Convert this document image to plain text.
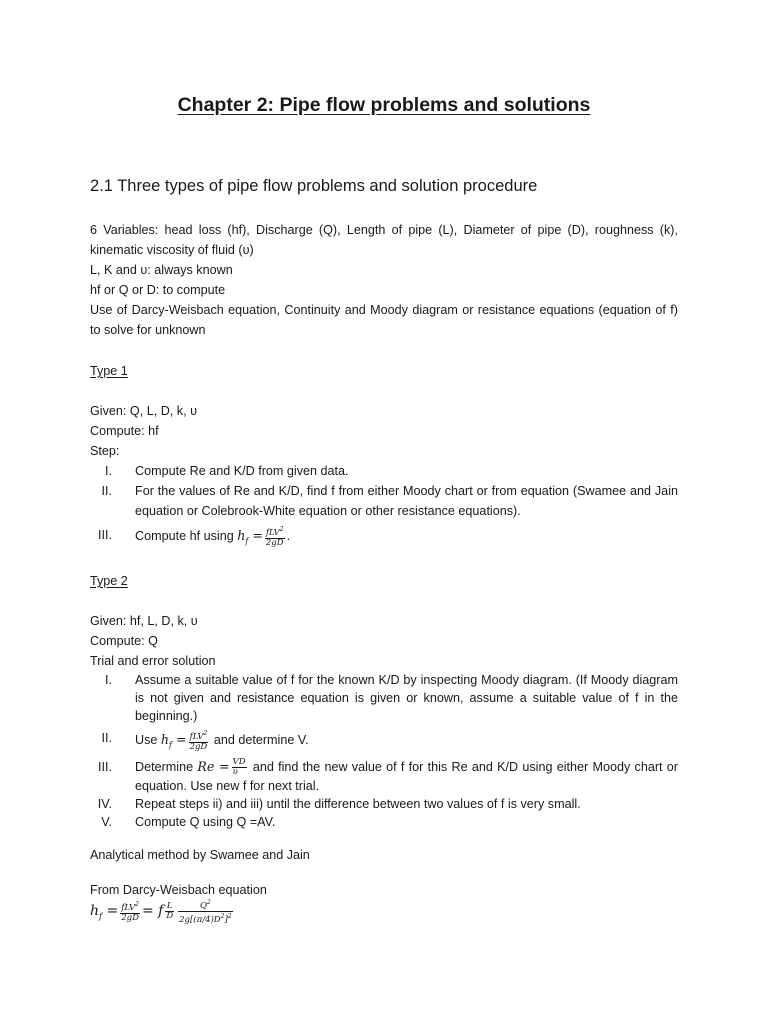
Chapter 2: Pipe flow problems and solutions
2.1 Three types of pipe flow problems and solution procedure
6 Variables: head loss (hf), Discharge (Q), Length of pipe (L), Diameter of pipe (D), roughness (k), kinematic viscosity of fluid (υ)
L, K and υ: always known
hf or Q or D: to compute
Use of Darcy-Weisbach equation, Continuity and Moody diagram or resistance equations (equation of f) to solve for unknown
Type 1
Given: Q, L, D, k, υ
Compute: hf
Step:
I. Compute Re and K/D from given data.
II. For the values of Re and K/D, find f from either Moody chart or from equation (Swamee and Jain equation or Colebrook-White equation or other resistance equations).
III. Compute hf using $h_f = \frac{fLV^2}{2gD}$ .
Type 2
Given: hf, L, D, k, υ
Compute: Q
Trial and error solution
I. Assume a suitable value of f for the known K/D by inspecting Moody diagram. (If Moody diagram is not given and resistance equation is given or known, assume a suitable value of f in the beginning.)
II. Use $h_f = \frac{fLV^2}{2gD}$ and determine V.
III. Determine $Re = \frac{VD}{\upsilon}$ and find the new value of f for this Re and K/D using either Moody chart or equation. Use new f for next trial.
IV. Repeat steps ii) and iii) until the difference between two values of f is very small.
V. Compute Q using Q =AV.
Analytical method by Swamee and Jain
From Darcy-Weisbach equation
$h_f = \frac{fLV^2}{2gD} = f \frac{L}{D} \frac{Q^2}{2g[(\pi/4)D^2]^2}$
